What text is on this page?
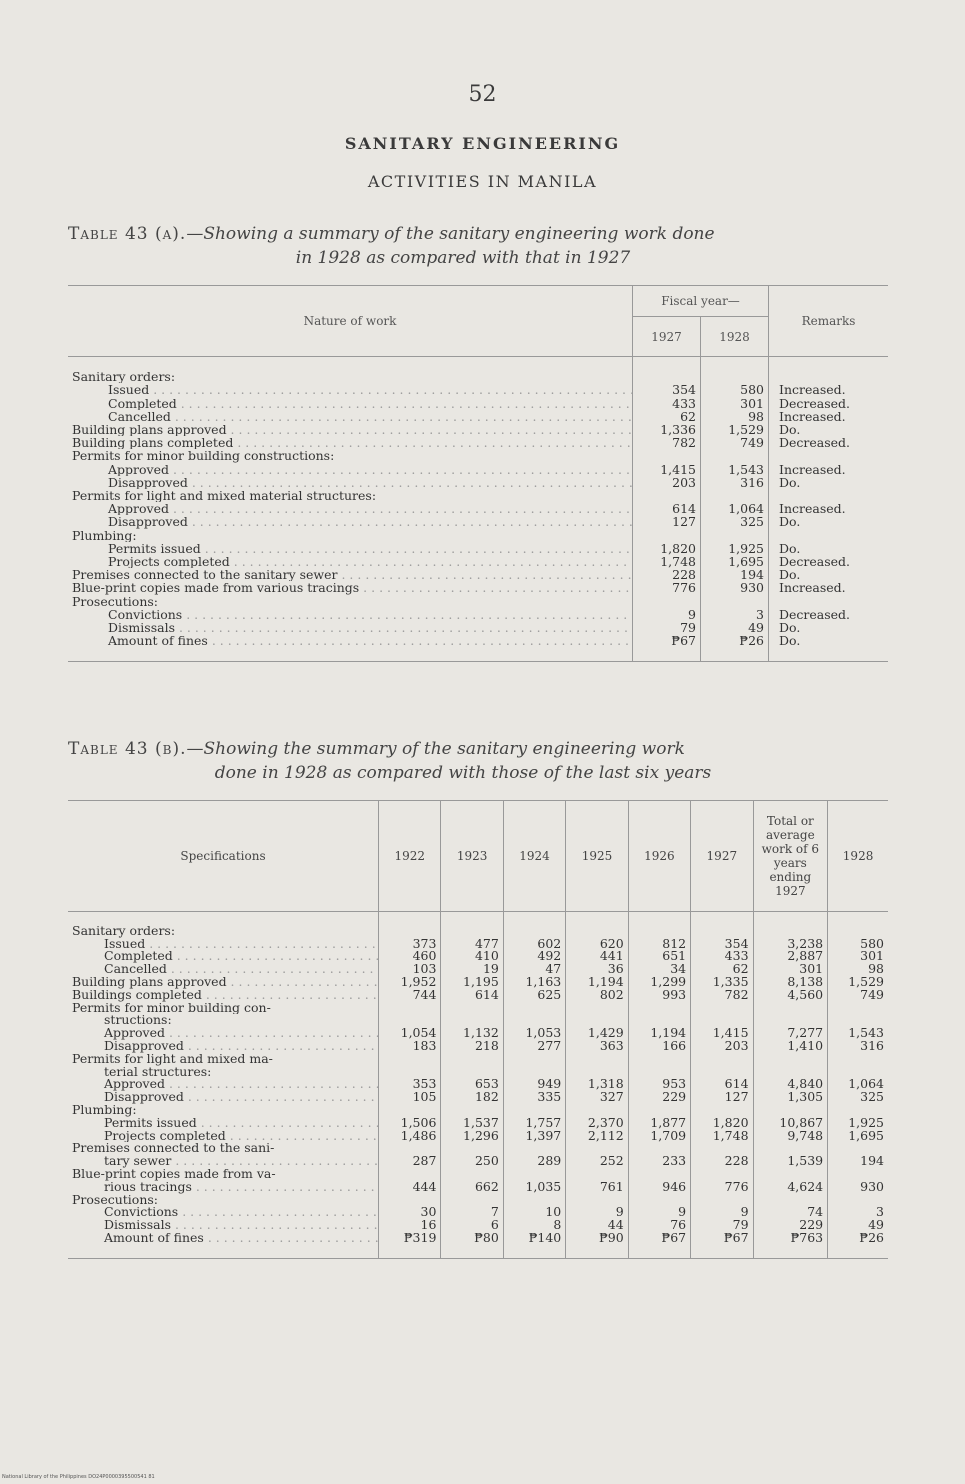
52
SANITARY ENGINEERING
ACTIVITIES IN MANILA
Table 43 (a).—Showing a summary of the sanitary engineering work done
in 1928 as compared with that in 1927
Nature of work	Fiscal year—		Remarks
	1927	1928	

Sanitary orders:			
Issued . . .	354	580	Increased.
Completed . . .	433	301	Decreased.
Cancelled . . .	62	98	Increased.
Building plans approved . . .	1,336	1,529	Do.
Building plans completed . . .	782	749	Decreased.
Permits for minor building constructions:			
Approved . . .	1,415	1,543	Increased.
Disapproved . . .	203	316	Do.
Permits for light and mixed material structures:			
Approved . . .	614	1,064	Increased.
Disapproved . . .	127	325	Do.
Plumbing:			
Permits issued . . .	1,820	1,925	Do.
Projects completed . . .	1,748	1,695	Decreased.
Premises connected to the sanitary sewer . . .	228	194	Do.
Blue-print copies made from various tracings . . .	776	930	Increased.
Prosecutions:			
Convictions . . .	9	3	Decreased.
Dismissals . . .	79	49	Do.
Amount of fines . . .	₱67	₱26	Do.

Table 43 (b).—Showing the summary of the sanitary engineering work
done in 1928 as compared with those of the last six years
Specifications	1922	1923	1924	1925	1926	1927	Total or average work of 6 years ending 1927	1928

Sanitary orders:								
Issued . . .	373	477	602	620	812	354	3,238	580
Completed . . .	460	410	492	441	651	433	2,887	301
Cancelled . . .	103	19	47	36	34	62	301	98
Building plans approved . . .	1,952	1,195	1,163	1,194	1,299	1,335	8,138	1,529
Buildings completed . . .	744	614	625	802	993	782	4,560	749
Permits for minor building con-								
structions:								
Approved . . .	1,054	1,132	1,053	1,429	1,194	1,415	7,277	1,543
Disapproved . . .	183	218	277	363	166	203	1,410	316
Permits for light and mixed ma-								
terial structures:								
Approved . . .	353	653	949	1,318	953	614	4,840	1,064
Disapproved . . .	105	182	335	327	229	127	1,305	325
Plumbing:								
Permits issued . . .	1,506	1,537	1,757	2,370	1,877	1,820	10,867	1,925
Projects completed . . .	1,486	1,296	1,397	2,112	1,709	1,748	9,748	1,695
Premises connected to the sani-								
tary sewer . . .	287	250	289	252	233	228	1,539	194
Blue-print copies made from va-								
rious tracings . . .	444	662	1,035	761	946	776	4,624	930
Prosecutions:								
Convictions . . .	30	7	10	9	9	9	74	3
Dismissals . . .	16	6	8	44	76	79	229	49
Amount of fines . . .	₱319	₱80	₱140	₱90	₱67	₱67	₱763	₱26

National Library of the Philippines DO24P0000395500541 81
